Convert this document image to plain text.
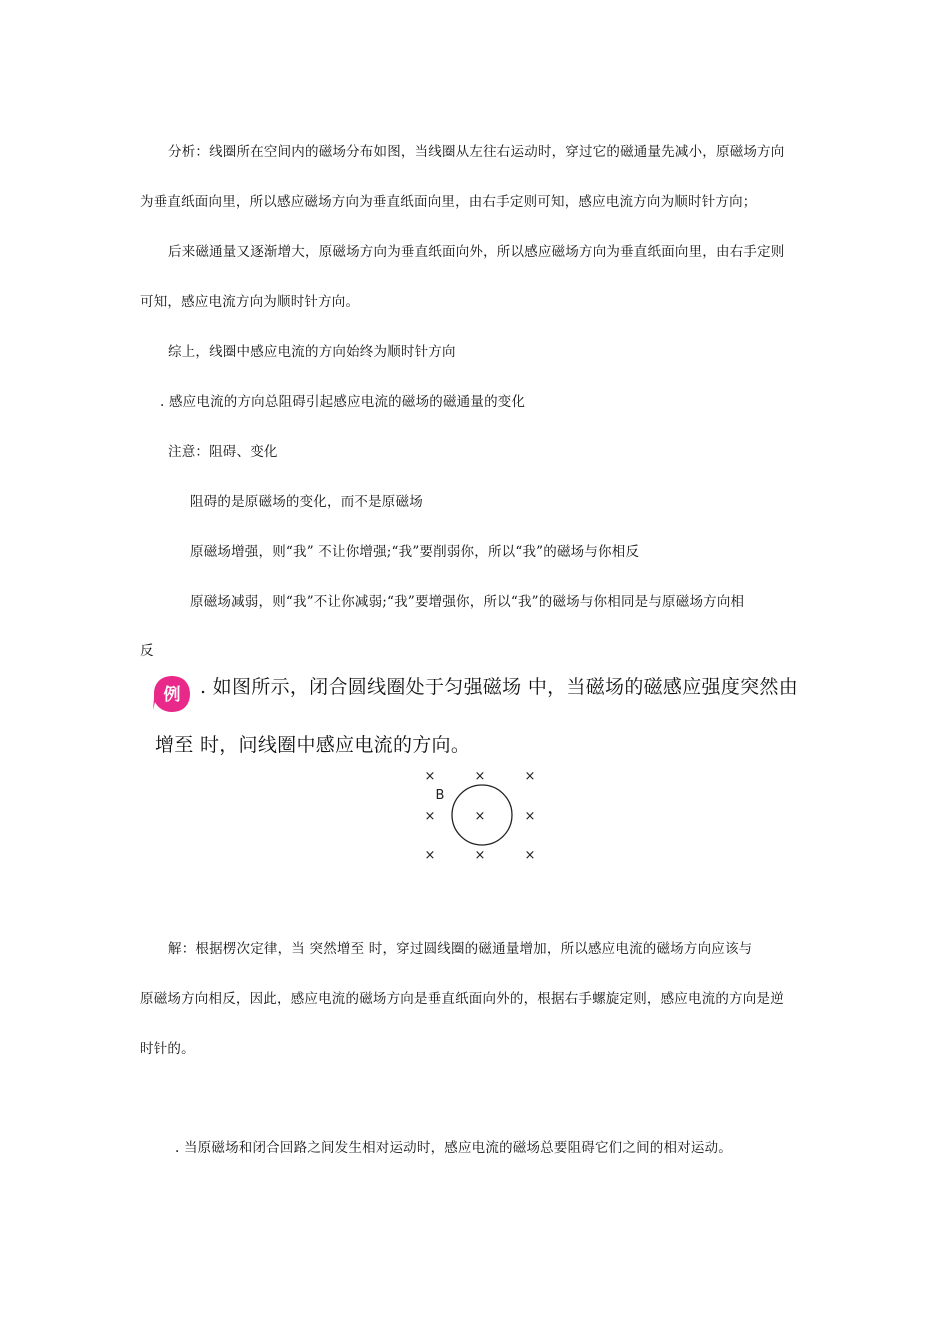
分析：线圈所在空间内的磁场分布如图，当线圈从左往右运动时，穿过它的磁通量先减小，原磁场方向
为垂直纸面向里，所以感应磁场方向为垂直纸面向里，由右手定则可知，感应电流方向为顺时针方向；
后来磁通量又逐渐增大，原磁场方向为垂直纸面向外，所以感应磁场方向为垂直纸面向里，由右手定则
可知，感应电流方向为顺时针方向。
综上，线圈中感应电流的方向始终为顺时针方向
. 感应电流的方向总阻碍引起感应电流的磁场的磁通量的变化
注意：阻碍、变化
阻碍的是原磁场的变化，而不是原磁场
原磁场增强，则“我” 不让你增强;“我”要削弱你，所以“我”的磁场与你相反
原磁场减弱，则“我”不让你减弱;“我”要增强你，所以“我”的磁场与你相同是与原磁场方向相
反
例 . 如图所示，闭合圆线圈处于匀强磁场 中，当磁场的磁感应强度突然由
增至 时，问线圈中感应电流的方向。
×	×	×
×	×	×
×	×	×
B
解：根据楞次定律，当 突然增至 时，穿过圆线圈的磁通量增加，所以感应电流的磁场方向应该与
原磁场方向相反，因此，感应电流的磁场方向是垂直纸面向外的，根据右手螺旋定则，感应电流的方向是逆
时针的。
. 当原磁场和闭合回路之间发生相对运动时，感应电流的磁场总要阻碍它们之间的相对运动。
